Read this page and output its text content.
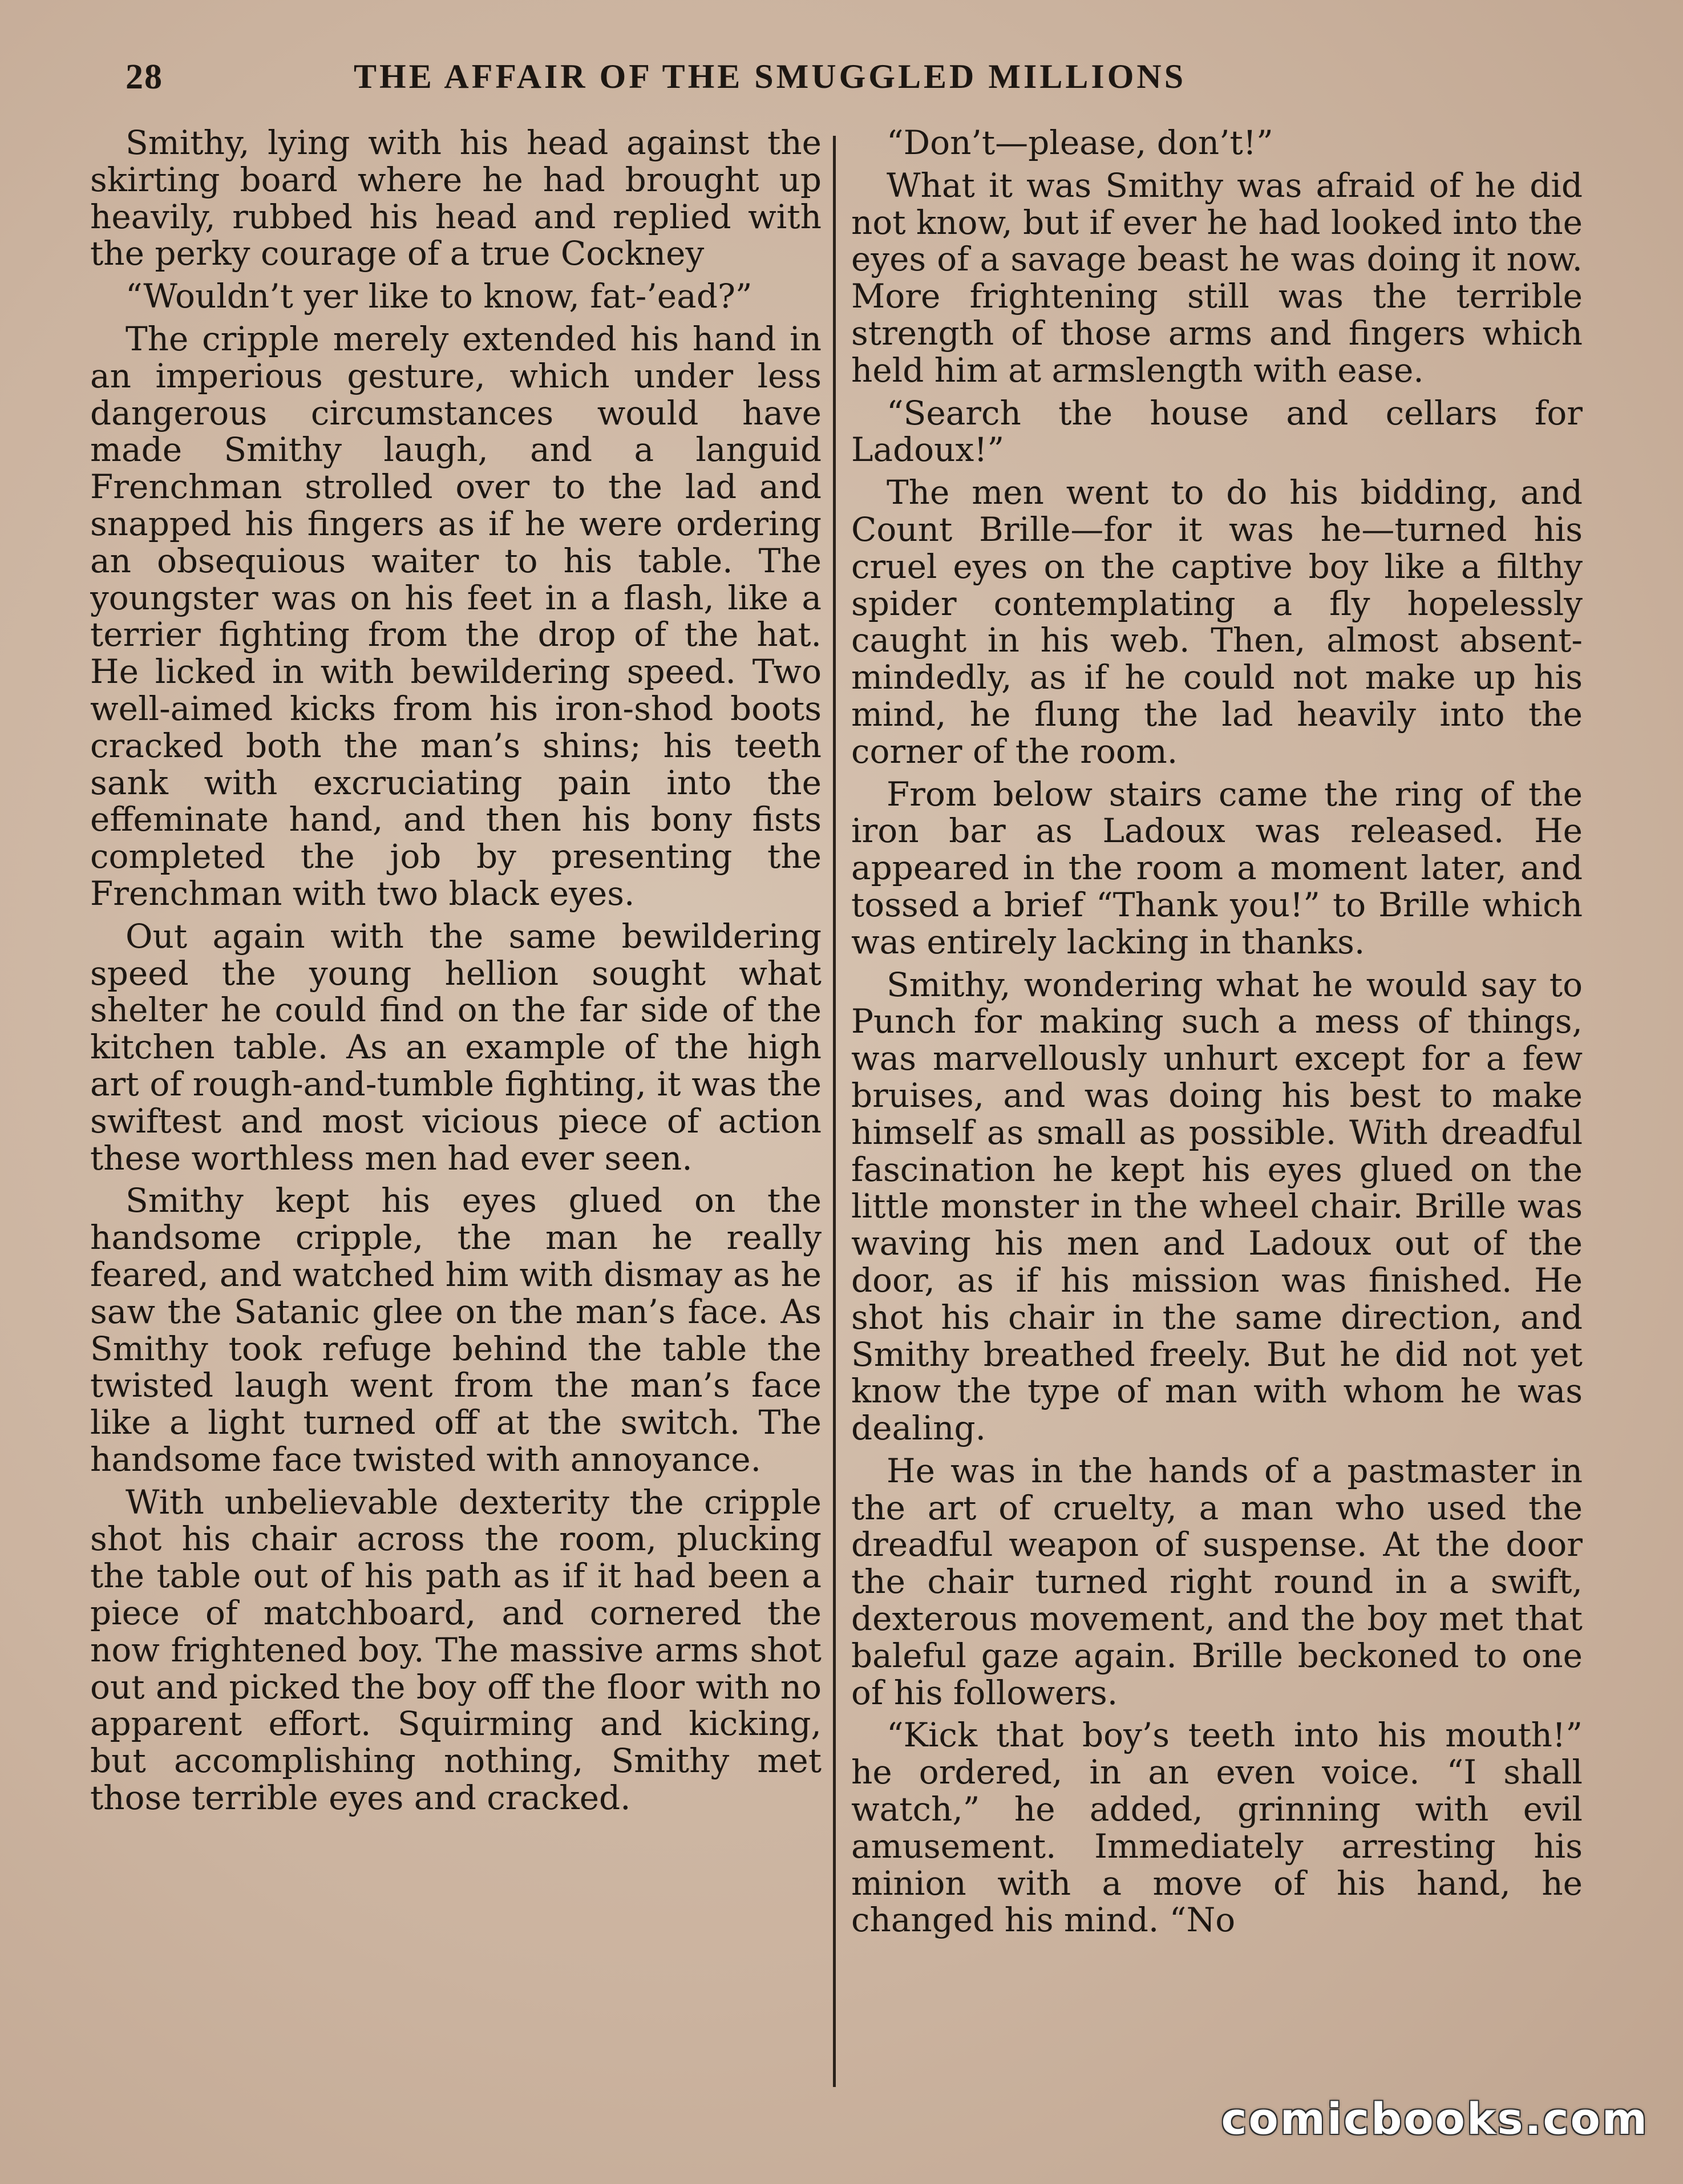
28	THE AFFAIR OF THE SMUGGLED MILLIONS

Smithy, lying with his head against the skirting board where he had brought up heavily, rubbed his head and replied with the perky courage of a true Cockney

“Wouldn’t yer like to know, fat-’ead?”

The cripple merely extended his hand in an imperious gesture, which under less dangerous circumstances would have made Smithy laugh, and a languid Frenchman strolled over to the lad and snapped his fingers as if he were ordering an obsequious waiter to his table. The youngster was on his feet in a flash, like a terrier fighting from the drop of the hat. He licked in with bewildering speed. Two well-aimed kicks from his iron-shod boots cracked both the man’s shins; his teeth sank with excruciating pain into the effeminate hand, and then his bony fists completed the job by presenting the Frenchman with two black eyes.

Out again with the same bewildering speed the young hellion sought what shelter he could find on the far side of the kitchen table. As an example of the high art of rough-and-tumble fighting, it was the swiftest and most vicious piece of action these worthless men had ever seen.

Smithy kept his eyes glued on the handsome cripple, the man he really feared, and watched him with dismay as he saw the Satanic glee on the man’s face. As Smithy took refuge behind the table the twisted laugh went from the man’s face like a light turned off at the switch. The handsome face twisted with annoyance.

With unbelievable dexterity the cripple shot his chair across the room, plucking the table out of his path as if it had been a piece of matchboard, and cornered the now frightened boy. The massive arms shot out and picked the boy off the floor with no apparent effort. Squirming and kicking, but accomplishing nothing, Smithy met those terrible eyes and cracked.

“Don’t—please, don’t!”

What it was Smithy was afraid of he did not know, but if ever he had looked into the eyes of a savage beast he was doing it now. More frightening still was the terrible strength of those arms and fingers which held him at armslength with ease.

“Search the house and cellars for Ladoux!”

The men went to do his bidding, and Count Brille—for it was he—turned his cruel eyes on the captive boy like a filthy spider contemplating a fly hopelessly caught in his web. Then, almost absent-mindedly, as if he could not make up his mind, he flung the lad heavily into the corner of the room.

From below stairs came the ring of the iron bar as Ladoux was released. He appeared in the room a moment later, and tossed a brief “Thank you!” to Brille which was entirely lacking in thanks.

Smithy, wondering what he would say to Punch for making such a mess of things, was marvellously unhurt except for a few bruises, and was doing his best to make himself as small as possible. With dreadful fascination he kept his eyes glued on the little monster in the wheel chair. Brille was waving his men and Ladoux out of the door, as if his mission was finished. He shot his chair in the same direction, and Smithy breathed freely. But he did not yet know the type of man with whom he was dealing.

He was in the hands of a pastmaster in the art of cruelty, a man who used the dreadful weapon of suspense. At the door the chair turned right round in a swift, dexterous movement, and the boy met that baleful gaze again. Brille beckoned to one of his followers.

“Kick that boy’s teeth into his mouth!” he ordered, in an even voice. “I shall watch,” he added, grinning with evil amusement. Immediately arresting his minion with a move of his hand, he changed his mind. “No

comicbooks.com
